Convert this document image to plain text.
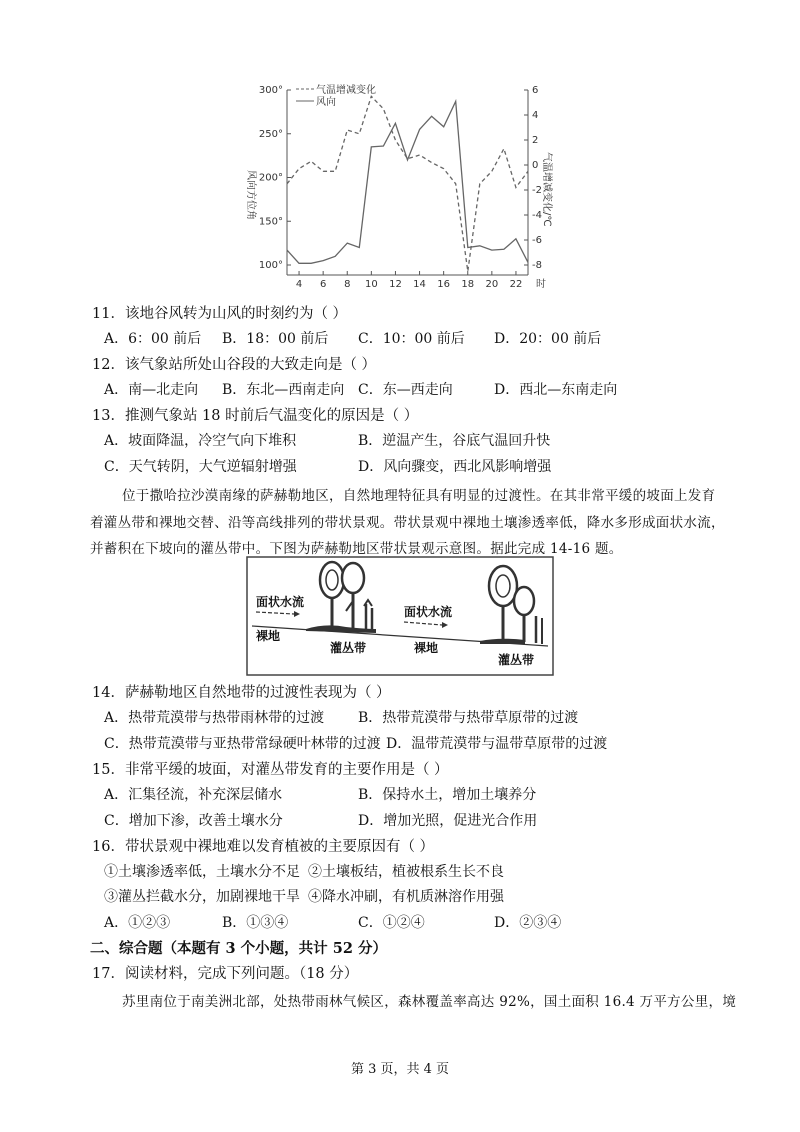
4 6 8 10 12 14 16 18 20 22 时
100°
150°
200°
250°
300°	6
4
2
0
-2
-4
-6
-8
气温增减变化
风向
风向方位角	气温增减变化/℃
11．该地谷风转为山风的时刻约为（ ）
A．6：00 前后 B．18：00 前后 C．10：00 前后 D．20：00 前后
12．该气象站所处山谷段的大致走向是（ ）
A．南—北走向 B．东北—西南走向 C．东—西走向	D．西北—东南走向
13．推测气象站 18 时前后气温变化的原因是（ ）
A．坡面降温，冷空气向下堆积	B．逆温产生，谷底气温回升快
C．天气转阴，大气逆辐射增强	D．风向骤变，西北风影响增强
位于撒哈拉沙漠南缘的萨赫勒地区，自然地理特征具有明显的过渡性。在其非常平缓的坡面上发育
着灌丛带和裸地交替、沿等高线排列的带状景观。带状景观中裸地土壤渗透率低，降水多形成面状水流，
并蓄积在下坡向的灌丛带中。下图为萨赫勒地区带状景观示意图。据此完成 14-16 题。
面状水流
裸地
灌丛带
面状水流
裸地
灌丛带
14．萨赫勒地区自然地带的过渡性表现为（ ）
A．热带荒漠带与热带雨林带的过渡 B．热带荒漠带与热带草原带的过渡
C．热带荒漠带与亚热带常绿硬叶林带的过渡 D．温带荒漠带与温带草原带的过渡
15．非常平缓的坡面，对灌丛带发育的主要作用是（ ）
A．汇集径流，补充深层储水	B．保持水土，增加土壤养分
C．增加下渗，改善土壤水分	D．增加光照，促进光合作用
16．带状景观中裸地难以发育植被的主要原因有（ ）
①土壤渗透率低，土壤水分不足 ②土壤板结，植被根系生长不良
③灌丛拦截水分，加剧裸地干旱 ④降水冲刷，有机质淋溶作用强
A．①②③	B．①③④	C．①②④	D．②③④
二、综合题（本题有 3 个小题，共计 52 分）
17．阅读材料，完成下列问题。（18 分）
苏里南位于南美洲北部，处热带雨林气候区，森林覆盖率高达 92%，国土面积 16.4 万平方公里，境
第 3 页，共 4 页
